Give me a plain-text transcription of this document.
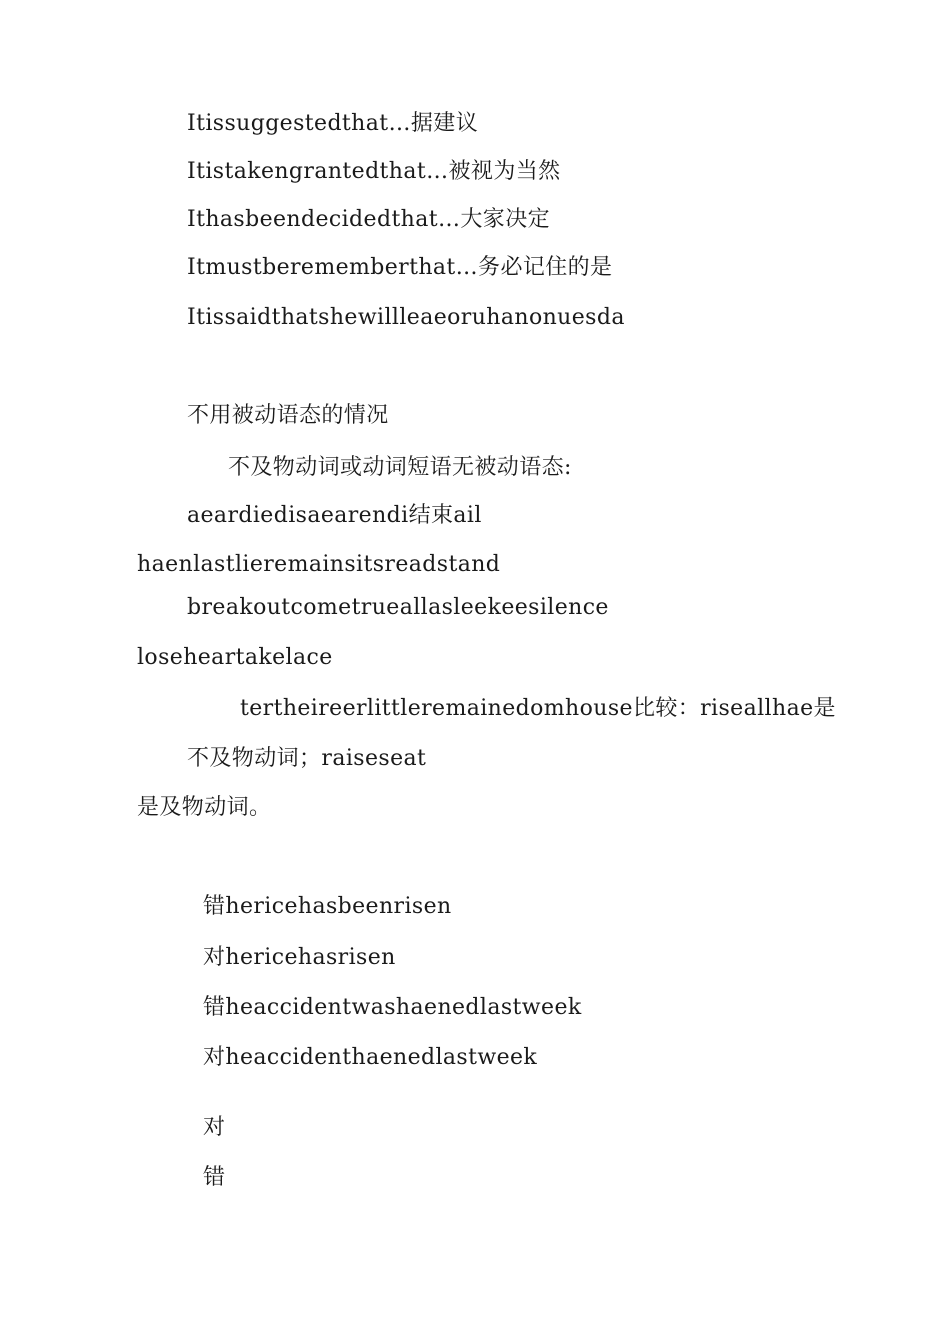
Itissuggestedthat…据建议
Itistakengrantedthat…被视为当然
Ithasbeendecidedthat…大家决定
Itmustberememberthat…务必记住的是
Itissaidthatshewillleaeoruhanonuesda
不用被动语态的情况
不及物动词或动词短语无被动语态:
aeardiedisaearendi结束ail
haenlastlieremainsitsreadstand
breakoutcometrueallasleekeesilence
loseheartakelace
tertheireerlittleremainedomhouse比较：riseallhae是
不及物动词；raiseseat
是及物动词。
错hericehasbeenrisen
对hericehasrisen
错heaccidentwashaenedlastweek
对heaccidenthaenedlastweek
对
错
